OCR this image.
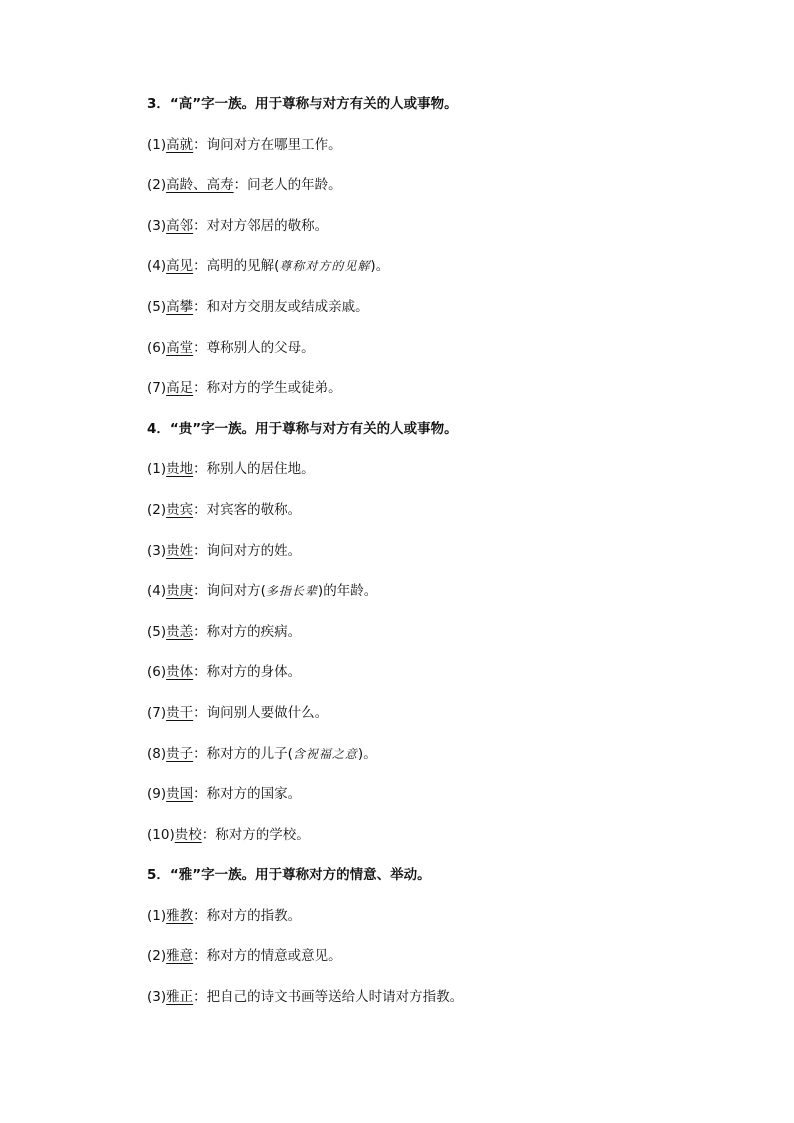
3．“高”字一族。用于尊称与对方有关的人或事物。
(1)高就：询问对方在哪里工作。
(2)高龄、高寿：问老人的年龄。
(3)高邻：对对方邻居的敬称。
(4)高见：高明的见解(尊称对方的见解)。
(5)高攀：和对方交朋友或结成亲戚。
(6)高堂：尊称别人的父母。
(7)高足：称对方的学生或徒弟。
4．“贵”字一族。用于尊称与对方有关的人或事物。
(1)贵地：称别人的居住地。
(2)贵宾：对宾客的敬称。
(3)贵姓：询问对方的姓。
(4)贵庚：询问对方(多指长辈)的年龄。
(5)贵恙：称对方的疾病。
(6)贵体：称对方的身体。
(7)贵干：询问别人要做什么。
(8)贵子：称对方的儿子(含祝福之意)。
(9)贵国：称对方的国家。
(10)贵校：称对方的学校。
5．“雅”字一族。用于尊称对方的情意、举动。
(1)雅教：称对方的指教。
(2)雅意：称对方的情意或意见。
(3)雅正：把自己的诗文书画等送给人时请对方指教。
